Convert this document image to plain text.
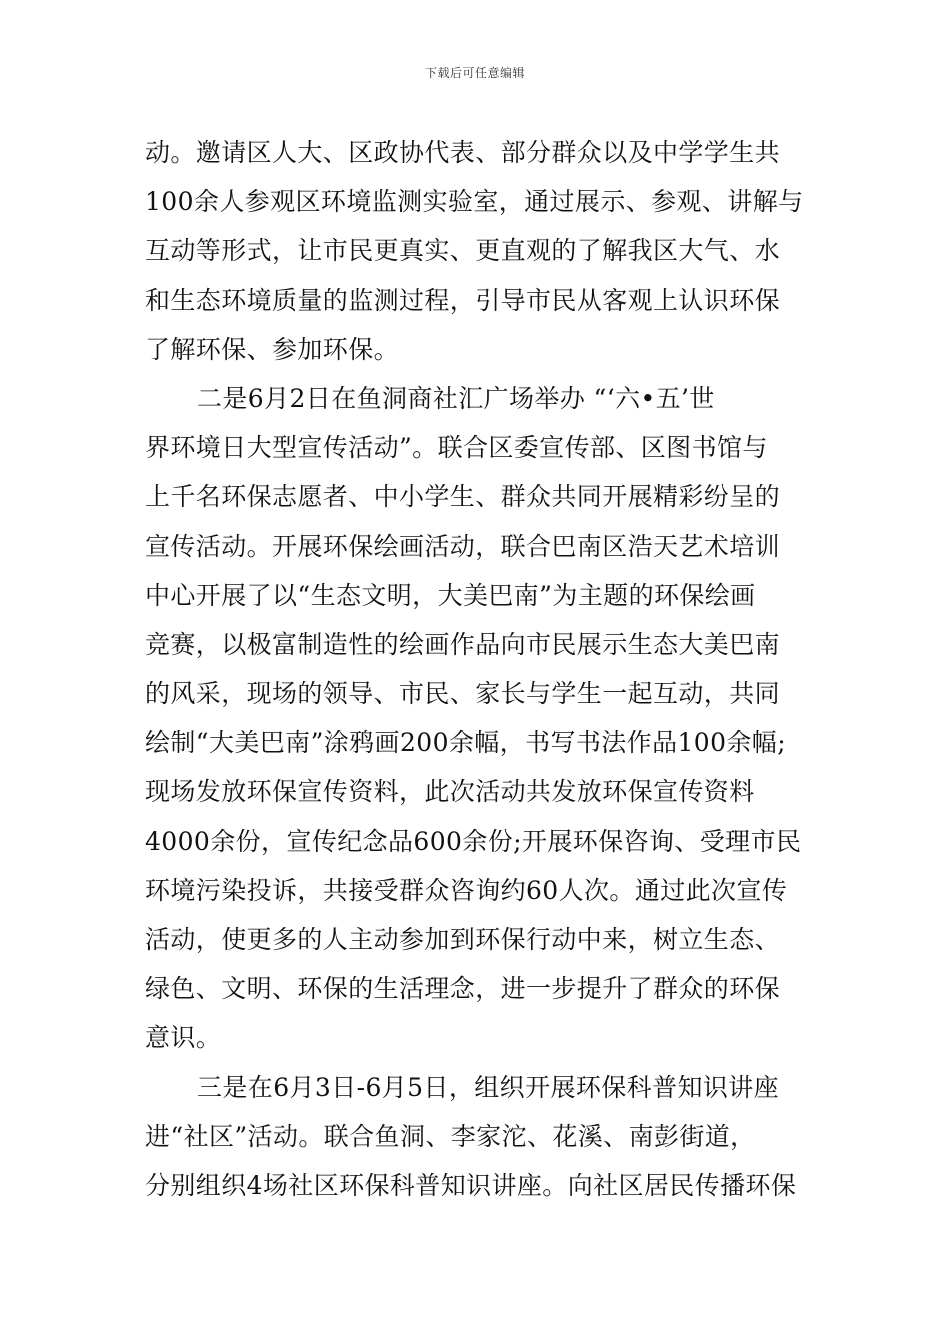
下载后可任意编辑
动。邀请区人大、区政协代表、部分群众以及中学学生共
100余人参观区环境监测实验室，通过展示、参观、讲解与
互动等形式，让市民更真实、更直观的了解我区大气、水
和生态环境质量的监测过程，引导市民从客观上认识环保
了解环保、参加环保。
二是6月2日在鱼洞商社汇广场举办 “‘六•五’世
界环境日大型宣传活动”。联合区委宣传部、区图书馆与
上千名环保志愿者、中小学生、群众共同开展精彩纷呈的
宣传活动。开展环保绘画活动，联合巴南区浩天艺术培训
中心开展了以“生态文明，大美巴南”为主题的环保绘画
竞赛，以极富制造性的绘画作品向市民展示生态大美巴南
的风采，现场的领导、市民、家长与学生一起互动，共同
绘制“大美巴南”涂鸦画200余幅，书写书法作品100余幅;
现场发放环保宣传资料，此次活动共发放环保宣传资料
4000余份，宣传纪念品600余份;开展环保咨询、受理市民
环境污染投诉，共接受群众咨询约60人次。通过此次宣传
活动，使更多的人主动参加到环保行动中来，树立生态、
绿色、文明、环保的生活理念，进一步提升了群众的环保
意识。
三是在6月3日-6月5日，组织开展环保科普知识讲座
进“社区”活动。联合鱼洞、李家沱、花溪、南彭街道，
分别组织4场社区环保科普知识讲座。向社区居民传播环保
